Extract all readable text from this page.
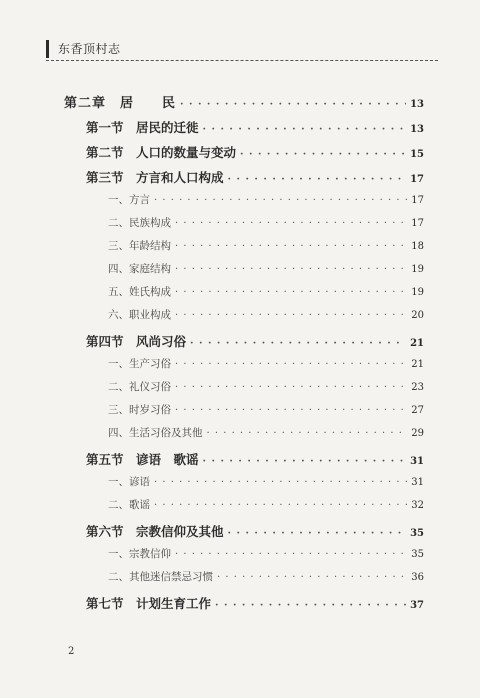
东香顶村志
第二章　居　　民 · · ·	13
第一节　居民的迁徙 · · ·	13
第二节　人口的数量与变动 · · ·	15
第三节　方言和人口构成 · · ·	17
一、方言 · · ·	17
二、民族构成 · · ·	17
三、年龄结构 · · ·	18
四、家庭结构 · · ·	19
五、姓氏构成 · · ·	19
六、职业构成 · · ·	20
第四节　风尚习俗 · · ·	21
一、生产习俗 · · ·	21
二、礼仪习俗 · · ·	23
三、时岁习俗 · · ·	27
四、生活习俗及其他 · · ·	29
第五节　谚语　歌谣 · · ·	31
一、谚语 · · ·	31
二、歌谣 · · ·	32
第六节　宗教信仰及其他 · · ·	35
一、宗教信仰 · · ·	35
二、其他迷信禁忌习惯 · · ·	36
第七节　计划生育工作 · · ·	37
2
